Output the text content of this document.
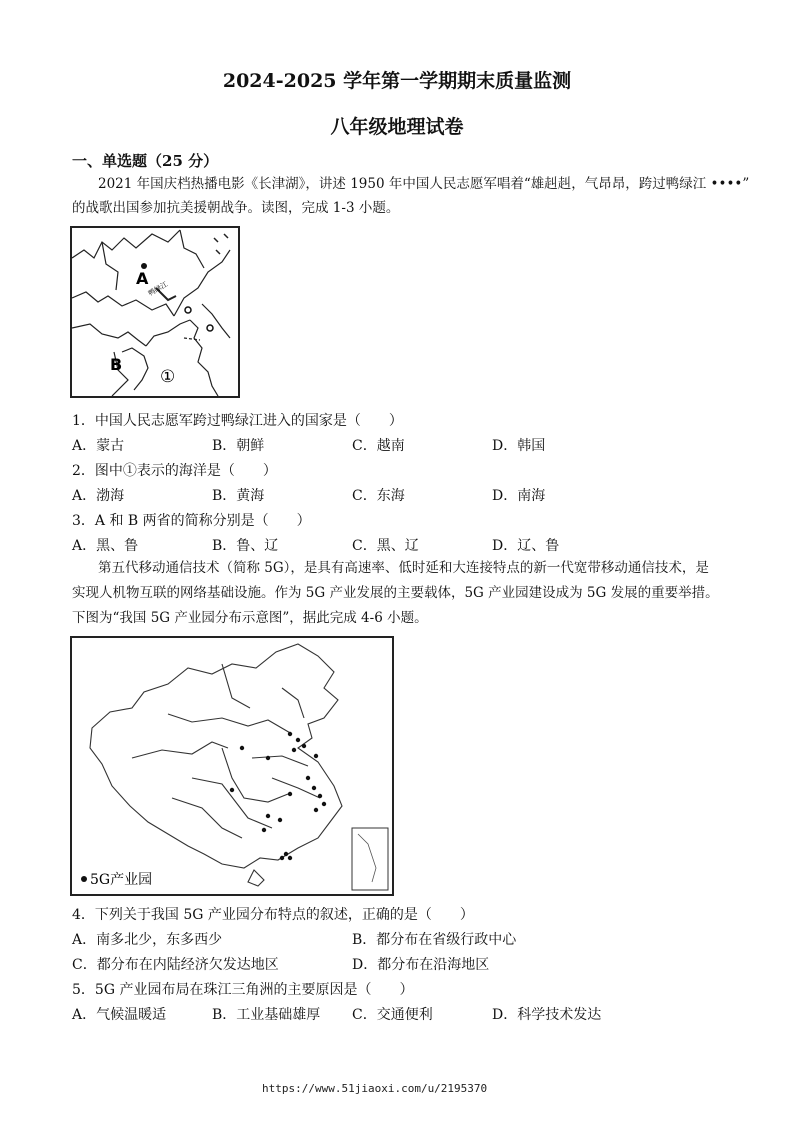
2024-2025 学年第一学期期末质量监测
八年级地理试卷
一、单选题（25 分）
2021 年国庆档热播电影《长津湖》，讲述 1950 年中国人民志愿军唱着“雄赳赳，气昂昂，跨过鸭绿江 ••••”
的战歌出国参加抗美援朝战争。读图，完成 1-3 小题。
A
B
鸭绿江
①
1．中国人民志愿军跨过鸭绿江进入的国家是（　　）
A．蒙古	B．朝鲜	C．越南	D．韩国
2．图中①表示的海洋是（　　）
A．渤海	B．黄海	C．东海	D．南海
3．A 和 B 两省的简称分别是（　　）
A．黑、鲁	B．鲁、辽	C．黑、辽	D．辽、鲁
第五代移动通信技术（简称 5G），是具有高速率、低时延和大连接特点的新一代宽带移动通信技术，是
实现人机物互联的网络基础设施。作为 5G 产业发展的主要载体，5G 产业园建设成为 5G 发展的重要举措。
下图为“我国 5G 产业园分布示意图”，据此完成 4-6 小题。
5G产业园
4．下列关于我国 5G 产业园分布特点的叙述，正确的是（　　）
A．南多北少，东多西少	B．都分布在省级行政中心
C．都分布在内陆经济欠发达地区	D．都分布在沿海地区
5．5G 产业园布局在珠江三角洲的主要原因是（　　）
A．气候温暖适	B．工业基础雄厚 C．交通便利	D．科学技术发达
https://www.51jiaoxi.com/u/2195370
